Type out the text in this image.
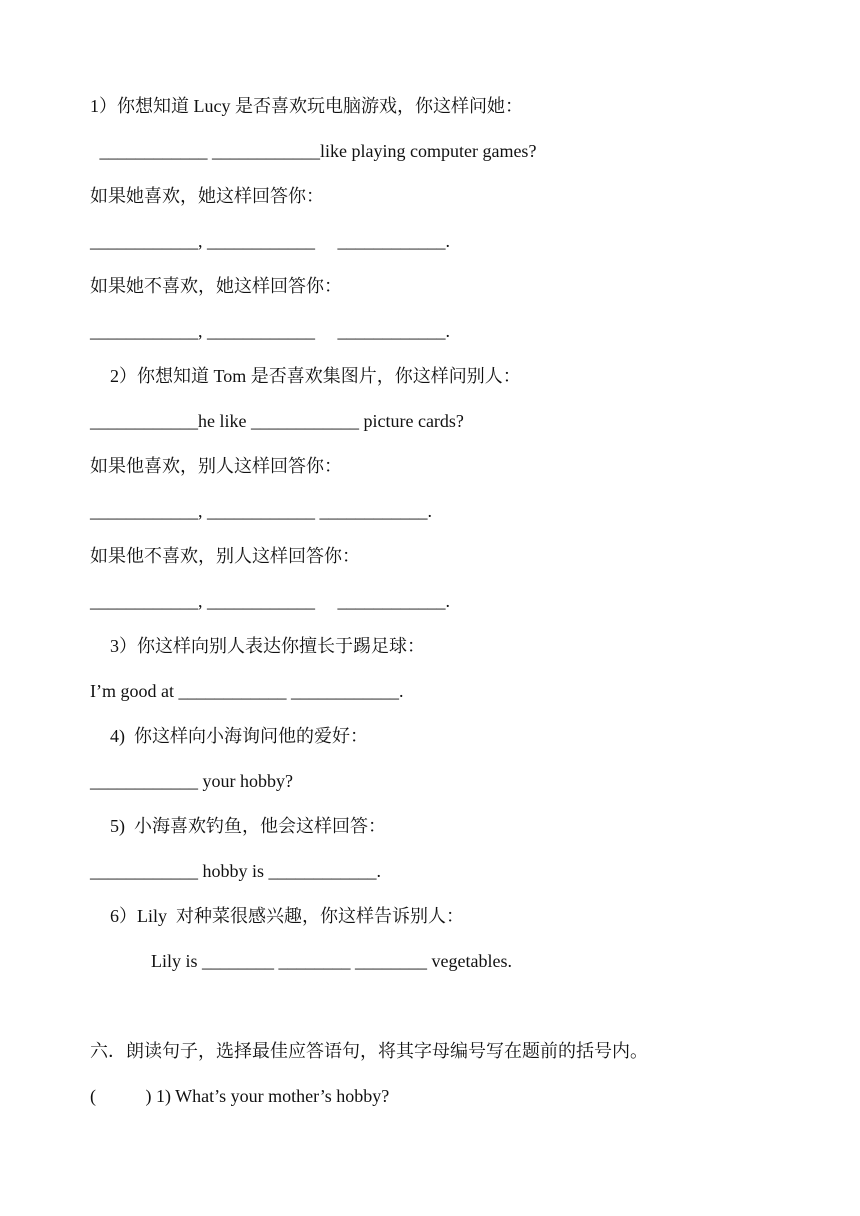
1）你想知道 Lucy 是否喜欢玩电脑游戏，你这样问她：
____________ ____________like playing computer games?
如果她喜欢，她这样回答你：
____________, ____________     ____________.
如果她不喜欢，她这样回答你：
____________, ____________     ____________.
2）你想知道 Tom 是否喜欢集图片，你这样问别人：
____________he like ____________ picture cards?
如果他喜欢，别人这样回答你：
____________, ____________ ____________.
如果他不喜欢，别人这样回答你：
____________, ____________     ____________.
3）你这样向别人表达你擅长于踢足球：
I’m good at ____________ ____________.
4)  你这样向小海询问他的爱好：
____________ your hobby?
5)  小海喜欢钓鱼，他会这样回答：
____________ hobby is ____________.
6）Lily  对种菜很感兴趣，你这样告诉别人：
Lily is ________ ________ ________ vegetables.
六．朗读句子，选择最佳应答语句，将其字母编号写在题前的括号内。
(           ) 1) What’s your mother’s hobby?
